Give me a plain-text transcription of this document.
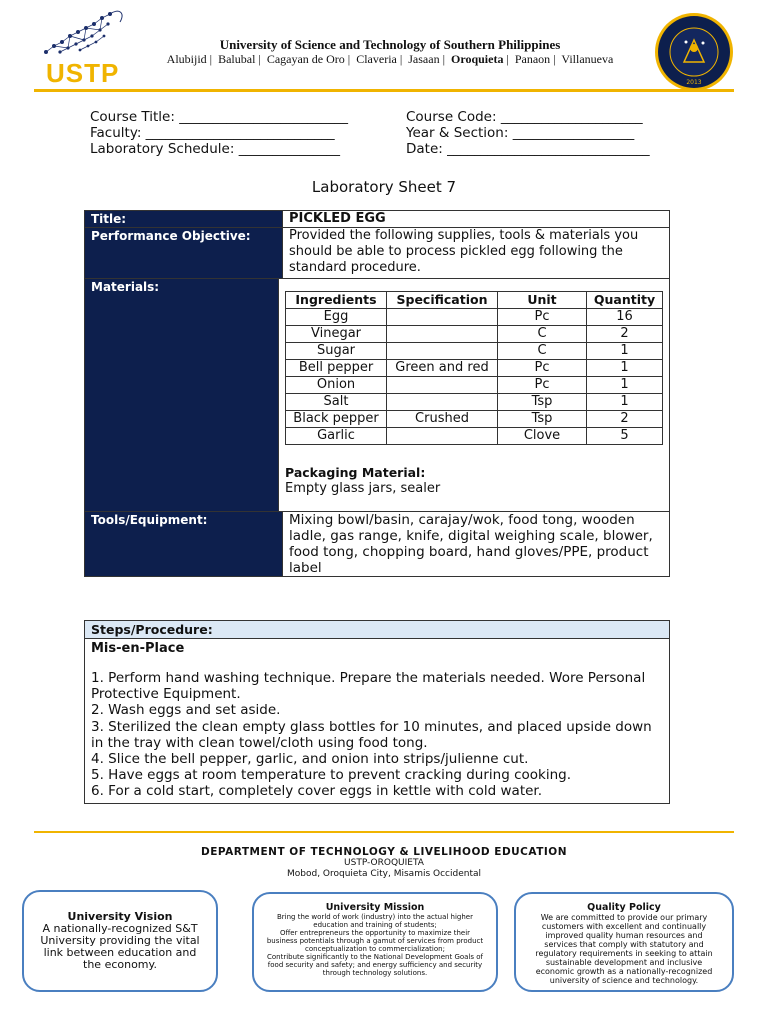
USTP
University of Science and Technology of Southern Philippines
Alubijid | Balubal | Cagayan de Oro | Claveria | Jasaan | Oroquieta | Panaon | Villanueva
2013
Course Title: _________________________
Faculty: ____________________________
Laboratory Schedule: _______________
Course Code: _____________________
Year & Section: __________________
Date: ______________________________
Laboratory Sheet 7
Title:	PICKLED EGG
Performance Objective:	Provided the following supplies, tools & materials you should be able to process pickled egg following the standard procedure.
Materials:
Ingredients	Specification	Unit	Quantity
Egg		Pc	16
Vinegar		C	2
Sugar		C	1
Bell pepper	Green and red	Pc	1
Onion		Pc	1
Salt		Tsp	1
Black pepper	Crushed	Tsp	2
Garlic		Clove	5
Packaging Material:
Empty glass jars, sealer
Tools/Equipment:	Mixing bowl/basin, carajay/wok, food tong, wooden ladle, gas range, knife, digital weighing scale, blower, food tong, chopping board, hand gloves/PPE, product label
Steps/Procedure:
Mis-en-Place
1. Perform hand washing technique. Prepare the materials needed. Wore Personal Protective Equipment.
2. Wash eggs and set aside.
3. Sterilized the clean empty glass bottles for 10 minutes, and placed upside down in the tray with clean towel/cloth using food tong.
4. Slice the bell pepper, garlic, and onion into strips/julienne cut.
5. Have eggs at room temperature to prevent cracking during cooking.
6. For a cold start, completely cover eggs in kettle with cold water.
DEPARTMENT OF TECHNOLOGY & LIVELIHOOD EDUCATION
USTP-OROQUIETA
Mobod, Oroquieta City, Misamis Occidental
University Vision
A nationally-recognized S&T University providing the vital link between education and the economy.
University Mission
Bring the world of work (industry) into the actual higher education and training of students;
Offer entrepreneurs the opportunity to maximize their business potentials through a gamut of services from product conceptualization to commercialization;
Contribute significantly to the National Development Goals of food security and safety; and energy sufficiency and security through technology solutions.
Quality Policy
We are committed to provide our primary customers with excellent and continually improved quality human resources and services that comply with statutory and regulatory requirements in seeking to attain sustainable development and inclusive economic growth as a nationally-recognized university of science and technology.
